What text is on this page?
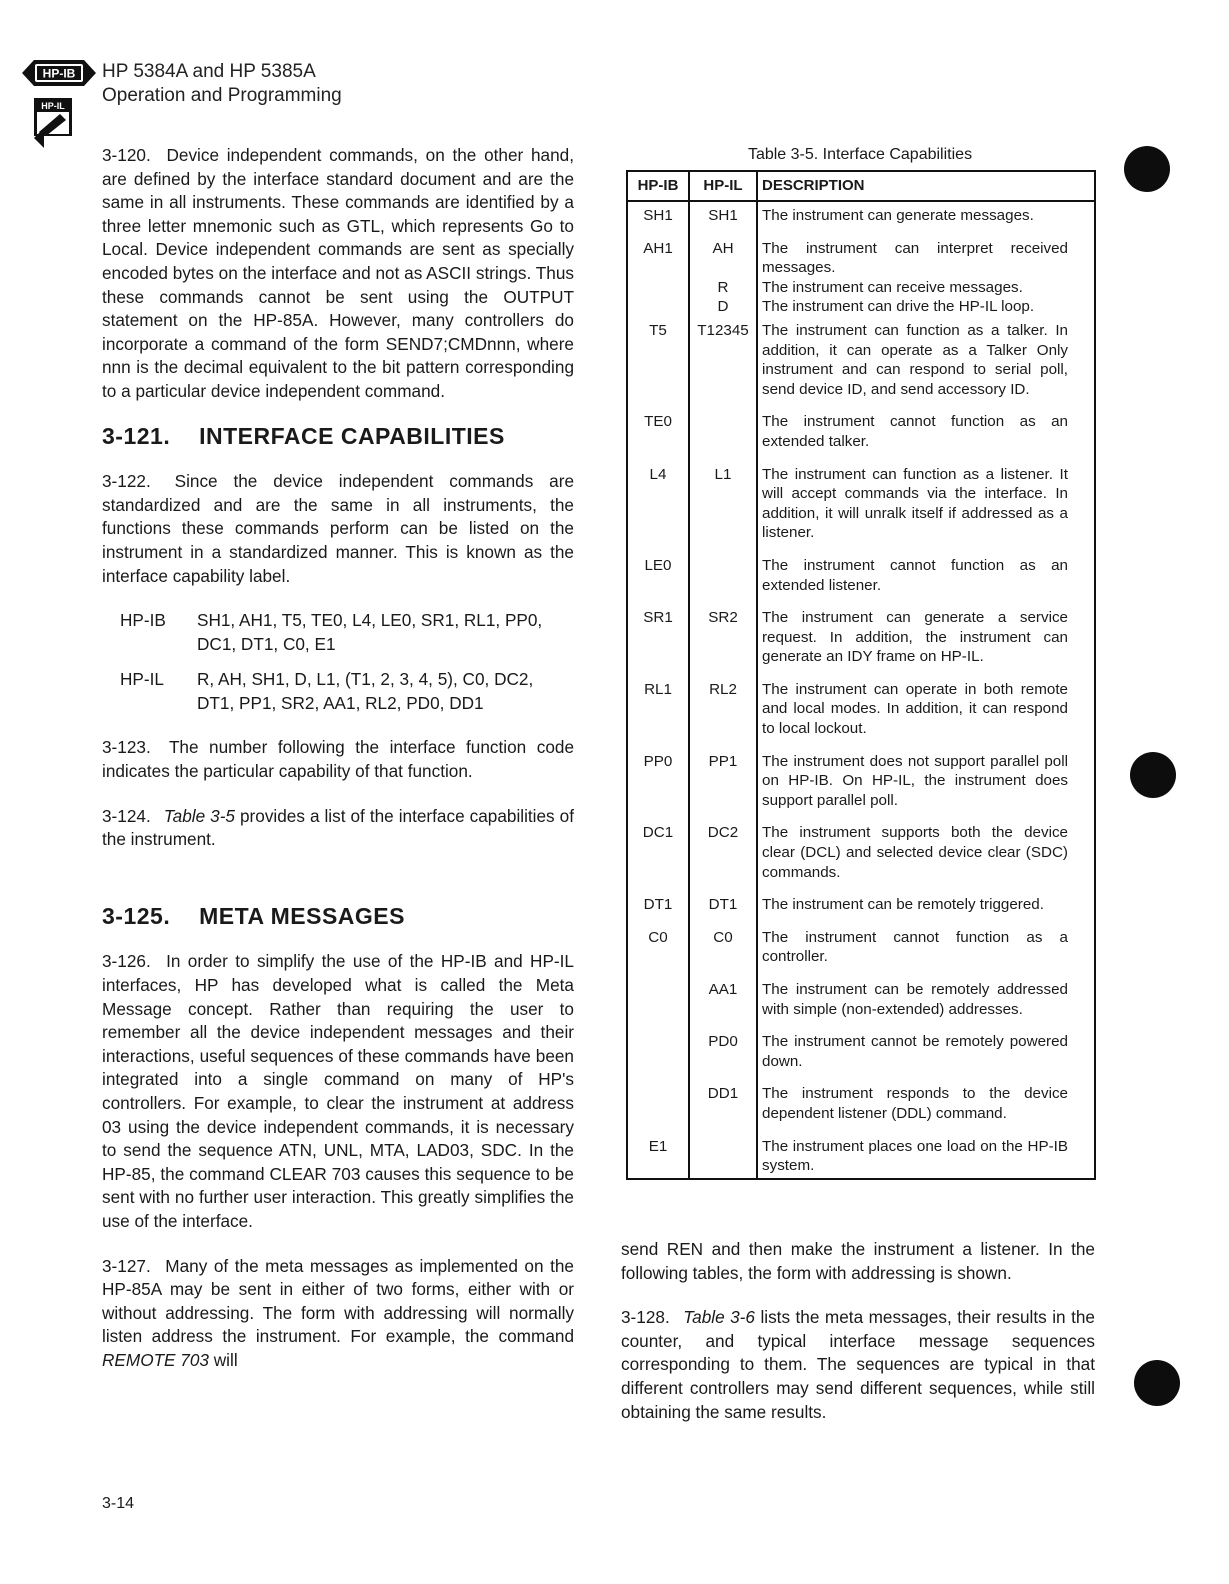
HP-IB
HP-IL
HP 5384A and HP 5385A
Operation and Programming

3-120. Device independent commands, on the other hand, are defined by the interface standard document and are the same in all instruments. These commands are identified by a three letter mnemonic such as GTL, which represents Go to Local. Device independent commands are sent as specially encoded bytes on the interface and not as ASCII strings. Thus these commands cannot be sent using the OUTPUT statement on the HP-85A. However, many controllers do incorporate a command of the form SEND7;CMDnnn, where nnn is the decimal equivalent to the bit pattern corresponding to a particular device independent command.

3-121. INTERFACE CAPABILITIES

3-122. Since the device independent commands are standardized and are the same in all instruments, the functions these commands perform can be listed on the instrument in a standardized manner. This is known as the interface capability label.

HP-IB	SH1, AH1, T5, TE0, L4, LE0, SR1, RL1, PP0, DC1, DT1, C0, E1
HP-IL	R, AH, SH1, D, L1, (T1, 2, 3, 4, 5), C0, DC2, DT1, PP1, SR2, AA1, RL2, PD0, DD1

3-123. The number following the interface function code indicates the particular capability of that function.

3-124. Table 3-5 provides a list of the interface capabilities of the instrument.

3-125. META MESSAGES

3-126. In order to simplify the use of the HP-IB and HP-IL interfaces, HP has developed what is called the Meta Message concept. Rather than requiring the user to remember all the device independent messages and their interactions, useful sequences of these commands have been integrated into a single command on many of HP's controllers. For example, to clear the instrument at address 03 using the device independent commands, it is necessary to send the sequence ATN, UNL, MTA, LAD03, SDC. In the HP-85, the command CLEAR 703 causes this sequence to be sent with no further user interaction. This greatly simplifies the use of the interface.

3-127. Many of the meta messages as implemented on the HP-85A may be sent in either of two forms, either with or without addressing. The form with addressing will normally listen address the instrument. For example, the command REMOTE 703 will

Table 3-5. Interface Capabilities
HP-IB	HP-IL	DESCRIPTION
SH1	SH1	The instrument can generate messages.
AH1	AH	The instrument can interpret received messages.
	R	The instrument can receive messages.
	D	The instrument can drive the HP-IL loop.
T5	T12345	The instrument can function as a talker. In addition, it can operate as a Talker Only instrument and can respond to serial poll, send device ID, and send accessory ID.
TE0		The instrument cannot function as an extended talker.
L4	L1	The instrument can function as a listener. It will accept commands via the interface. In addition, it will unralk itself if addressed as a listener.
LE0		The instrument cannot function as an extended listener.
SR1	SR2	The instrument can generate a service request. In addition, the instrument can generate an IDY frame on HP-IL.
RL1	RL2	The instrument can operate in both remote and local modes. In addition, it can respond to local lockout.
PP0	PP1	The instrument does not support parallel poll on HP-IB. On HP-IL, the instrument does support parallel poll.
DC1	DC2	The instrument supports both the device clear (DCL) and selected device clear (SDC) commands.
DT1	DT1	The instrument can be remotely triggered.
C0	C0	The instrument cannot function as a controller.
	AA1	The instrument can be remotely addressed with simple (non-extended) addresses.
	PD0	The instrument cannot be remotely powered down.
	DD1	The instrument responds to the device dependent listener (DDL) command.
E1		The instrument places one load on the HP-IB system.

send REN and then make the instrument a listener. In the following tables, the form with addressing is shown.

3-128. Table 3-6 lists the meta messages, their results in the counter, and typical interface message sequences corresponding to them. The sequences are typical in that different controllers may send different sequences, while still obtaining the same results.

3-14
